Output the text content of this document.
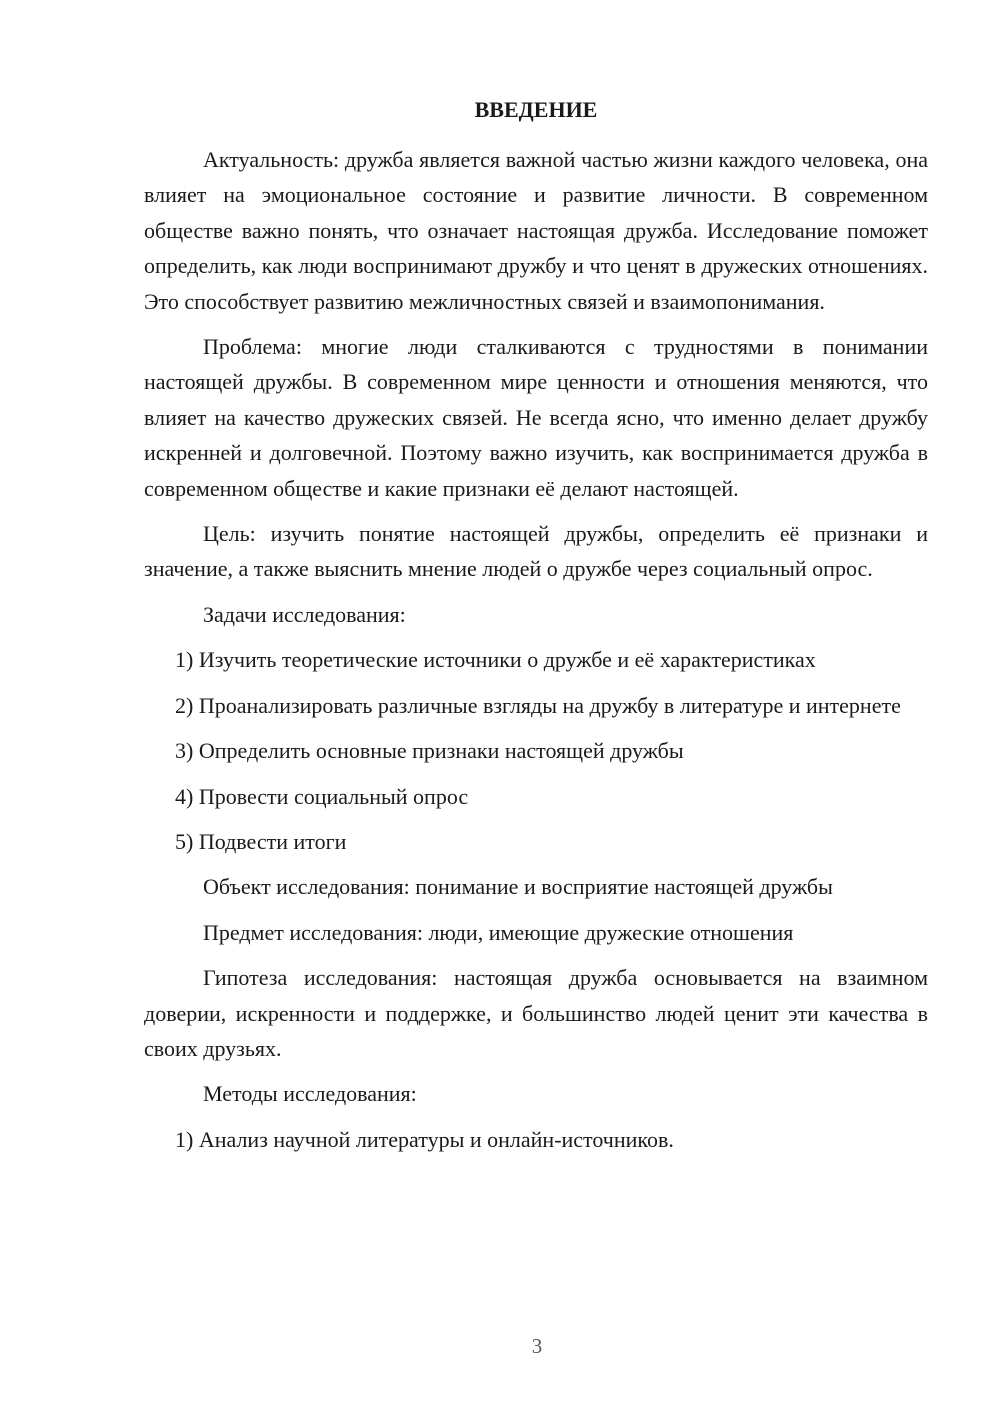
ВВЕДЕНИЕ

Актуальность: дружба является важной частью жизни каждого человека, она влияет на эмоциональное состояние и развитие личности. В современном обществе важно понять, что означает настоящая дружба. Исследование поможет определить, как люди воспринимают дружбу и что ценят в дружеских отношениях. Это способствует развитию межличностных связей и взаимопонимания.

Проблема: многие люди сталкиваются с трудностями в понимании настоящей дружбы. В современном мире ценности и отношения меняются, что влияет на качество дружеских связей. Не всегда ясно, что именно делает дружбу искренней и долговечной. Поэтому важно изучить, как воспринимается дружба в современном обществе и какие признаки её делают настоящей.

Цель: изучить понятие настоящей дружбы, определить её признаки и значение, а также выяснить мнение людей о дружбе через социальный опрос.

Задачи исследования:

1) Изучить теоретические источники о дружбе и её характеристиках

2) Проанализировать различные взгляды на дружбу в литературе и интернете

3) Определить основные признаки настоящей дружбы

4) Провести социальный опрос

5) Подвести итоги

Объект исследования: понимание и восприятие настоящей дружбы

Предмет исследования: люди, имеющие дружеские отношения

Гипотеза исследования: настоящая дружба основывается на взаимном доверии, искренности и поддержке, и большинство людей ценит эти качества в своих друзьях.

Методы исследования:

1) Анализ научной литературы и онлайн-источников.

3
